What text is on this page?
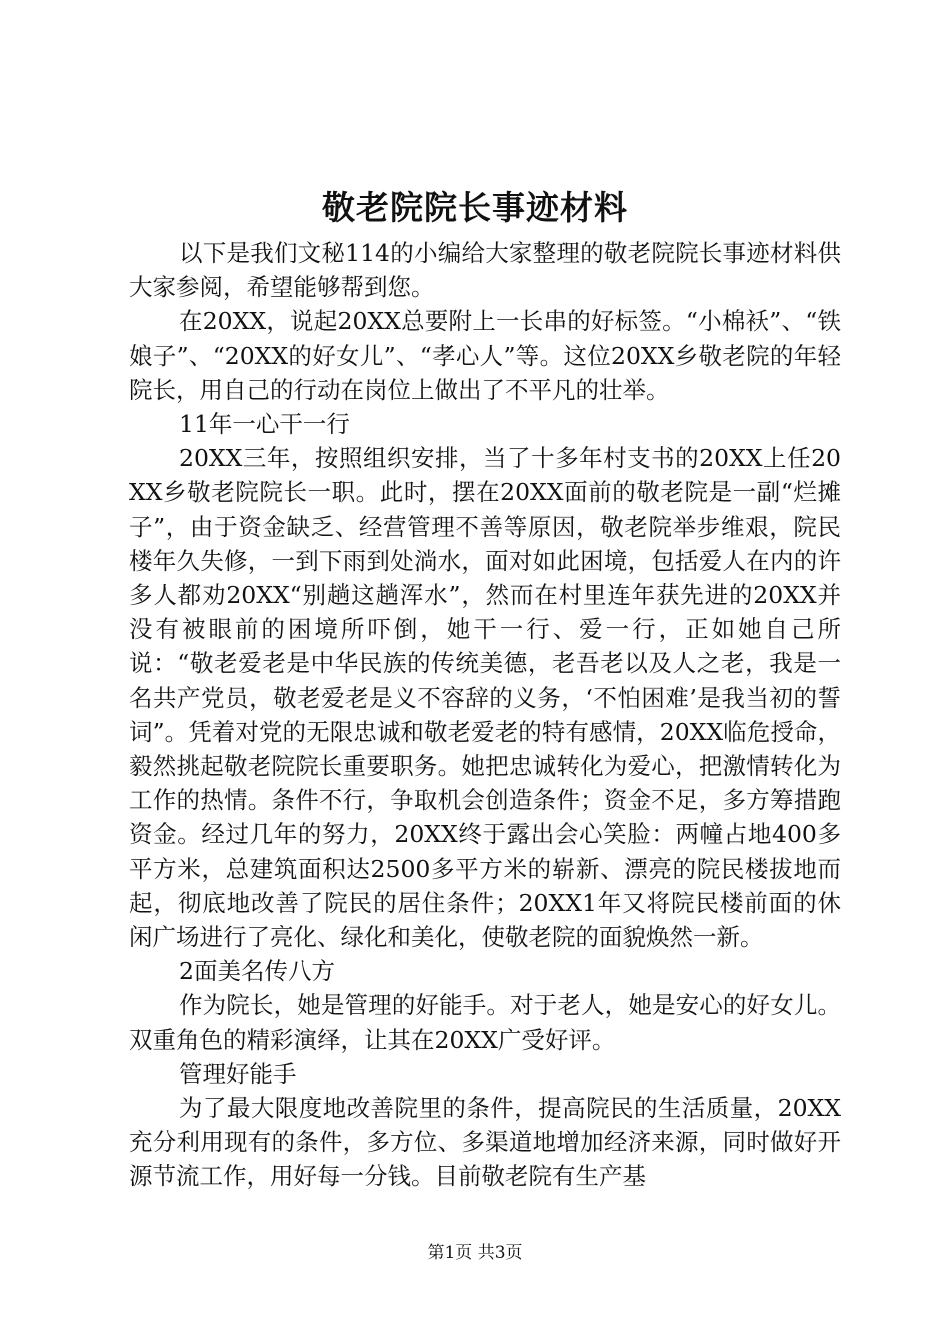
敬老院院长事迹材料

以下是我们文秘114的小编给大家整理的敬老院院长事迹材料供大家参阅，希望能够帮到您。

在20XX，说起20XX总要附上一长串的好标签。“小棉袄”、“铁娘子”、“20XX的好女儿”、“孝心人”等。这位20XX乡敬老院的年轻院长，用自己的行动在岗位上做出了不平凡的壮举。

11年一心干一行

20XX三年，按照组织安排，当了十多年村支书的20XX上任20XX乡敬老院院长一职。此时，摆在20XX面前的敬老院是一副“烂摊子”，由于资金缺乏、经营管理不善等原因，敬老院举步维艰，院民楼年久失修，一到下雨到处淌水，面对如此困境，包括爱人在内的许多人都劝20XX“别趟这趟浑水”，然而在村里连年获先进的20XX并没有被眼前的困境所吓倒，她干一行、爱一行，正如她自己所说：“敬老爱老是中华民族的传统美德，老吾老以及人之老，我是一名共产党员，敬老爱老是义不容辞的义务，‘不怕困难’是我当初的誓词”。凭着对党的无限忠诚和敬老爱老的特有感情，20XX临危授命，毅然挑起敬老院院长重要职务。她把忠诚转化为爱心，把激情转化为工作的热情。条件不行，争取机会创造条件；资金不足，多方筹措跑资金。经过几年的努力，20XX终于露出会心笑脸：两幢占地400多平方米，总建筑面积达2500多平方米的崭新、漂亮的院民楼拔地而起，彻底地改善了院民的居住条件；20XX1年又将院民楼前面的休闲广场进行了亮化、绿化和美化，使敬老院的面貌焕然一新。

2面美名传八方

作为院长，她是管理的好能手。对于老人，她是安心的好女儿。双重角色的精彩演绎，让其在20XX广受好评。

管理好能手

为了最大限度地改善院里的条件，提高院民的生活质量，20XX充分利用现有的条件，多方位、多渠道地增加经济来源，同时做好开源节流工作，用好每一分钱。目前敬老院有生产基

第1页 共3页
